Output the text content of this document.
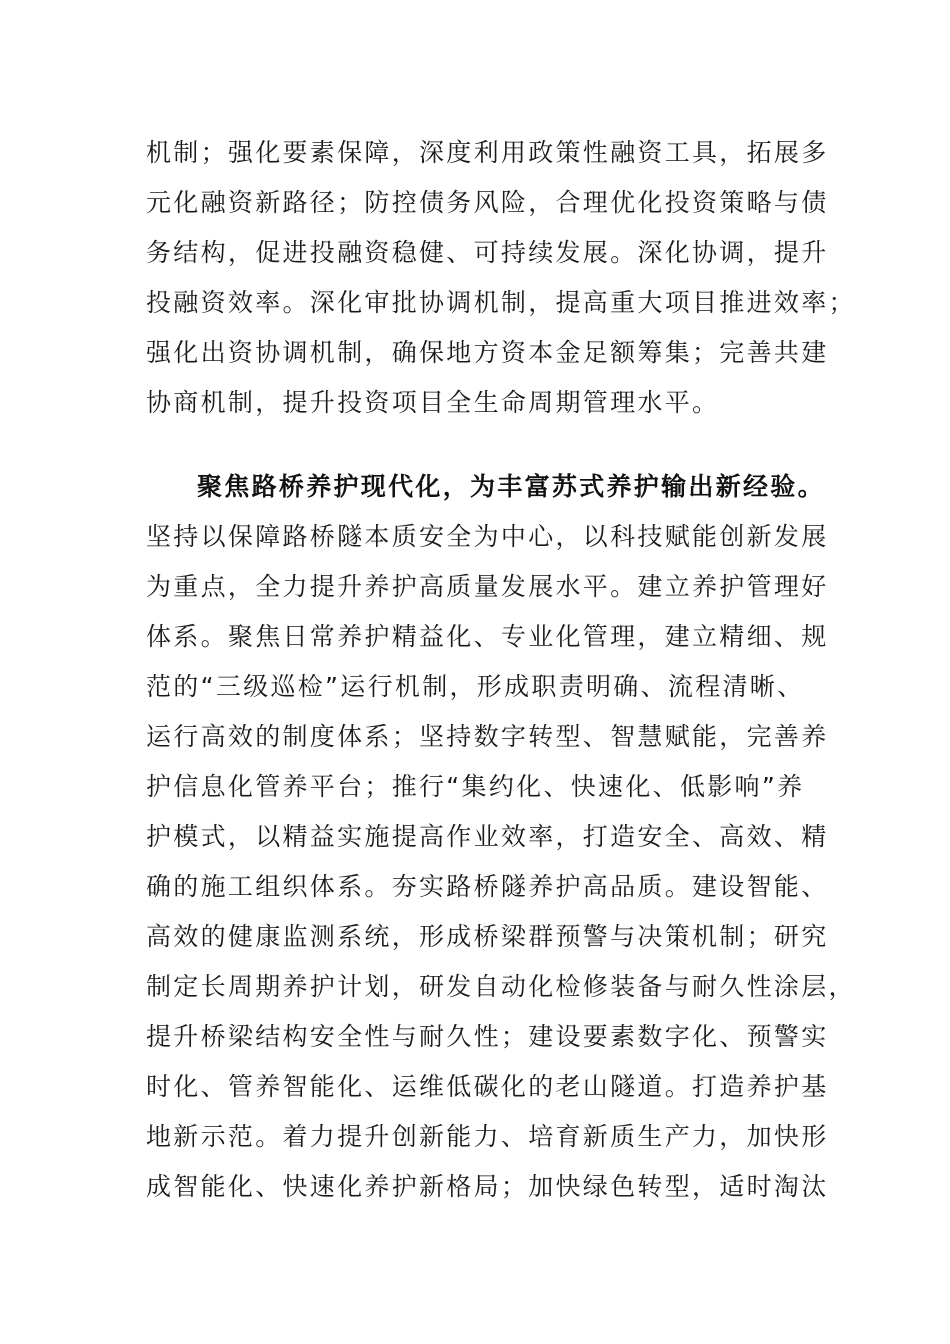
机制；强化要素保障，深度利用政策性融资工具，拓展多
元化融资新路径；防控债务风险，合理优化投资策略与债
务结构，促进投融资稳健、可持续发展。深化协调，提升
投融资效率。深化审批协调机制，提高重大项目推进效率；
强化出资协调机制，确保地方资本金足额筹集；完善共建
协商机制，提升投资项目全生命周期管理水平。
聚焦路桥养护现代化，为丰富苏式养护输出新经验。
坚持以保障路桥隧本质安全为中心，以科技赋能创新发展
为重点，全力提升养护高质量发展水平。建立养护管理好
体系。聚焦日常养护精益化、专业化管理，建立精细、规
范的“三级巡检”运行机制，形成职责明确、流程清晰、
运行高效的制度体系；坚持数字转型、智慧赋能，完善养
护信息化管养平台；推行“集约化、快速化、低影响”养
护模式，以精益实施提高作业效率，打造安全、高效、精
确的施工组织体系。夯实路桥隧养护高品质。建设智能、
高效的健康监测系统，形成桥梁群预警与决策机制；研究
制定长周期养护计划，研发自动化检修装备与耐久性涂层，
提升桥梁结构安全性与耐久性；建设要素数字化、预警实
时化、管养智能化、运维低碳化的老山隧道。打造养护基
地新示范。着力提升创新能力、培育新质生产力，加快形
成智能化、快速化养护新格局；加快绿色转型，适时淘汰
